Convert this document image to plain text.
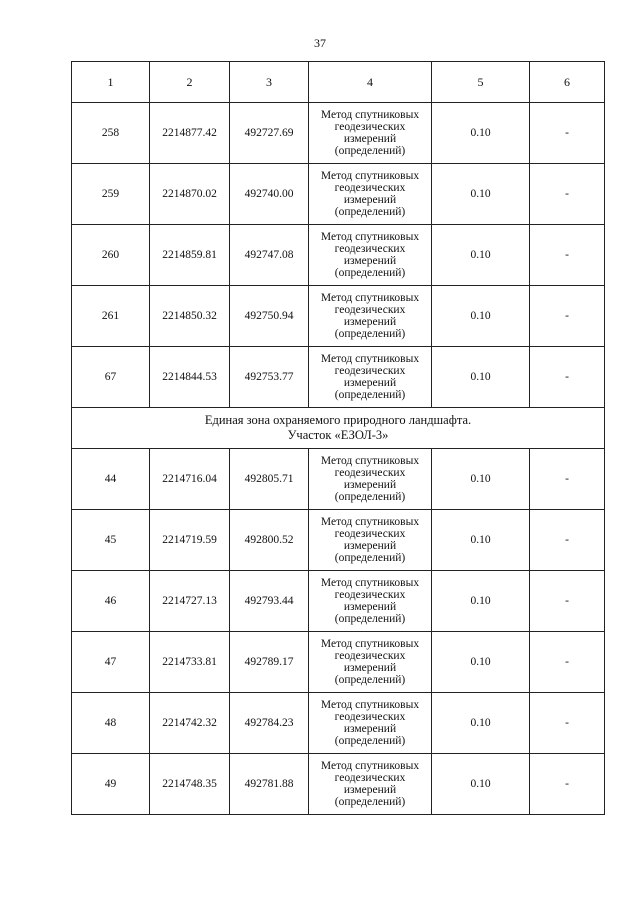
37
1	2	3	4	5	6
258	2214877.42	492727.69	Метод спутниковых
геодезических
измерений
(определений)	0.10	-
259	2214870.02	492740.00	Метод спутниковых
геодезических
измерений
(определений)	0.10	-
260	2214859.81	492747.08	Метод спутниковых
геодезических
измерений
(определений)	0.10	-
261	2214850.32	492750.94	Метод спутниковых
геодезических
измерений
(определений)	0.10	-
67	2214844.53	492753.77	Метод спутниковых
геодезических
измерений
(определений)	0.10	-

Единая зона охраняемого природного ландшафта.
Участок «ЕЗОЛ-3»					

44	2214716.04	492805.71	Метод спутниковых
геодезических
измерений
(определений)	0.10	-
45	2214719.59	492800.52	Метод спутниковых
геодезических
измерений
(определений)	0.10	-
46	2214727.13	492793.44	Метод спутниковых
геодезических
измерений
(определений)	0.10	-
47	2214733.81	492789.17	Метод спутниковых
геодезических
измерений
(определений)	0.10	-
48	2214742.32	492784.23	Метод спутниковых
геодезических
измерений
(определений)	0.10	-
49	2214748.35	492781.88	Метод спутниковых
геодезических
измерений
(определений)	0.10	-
